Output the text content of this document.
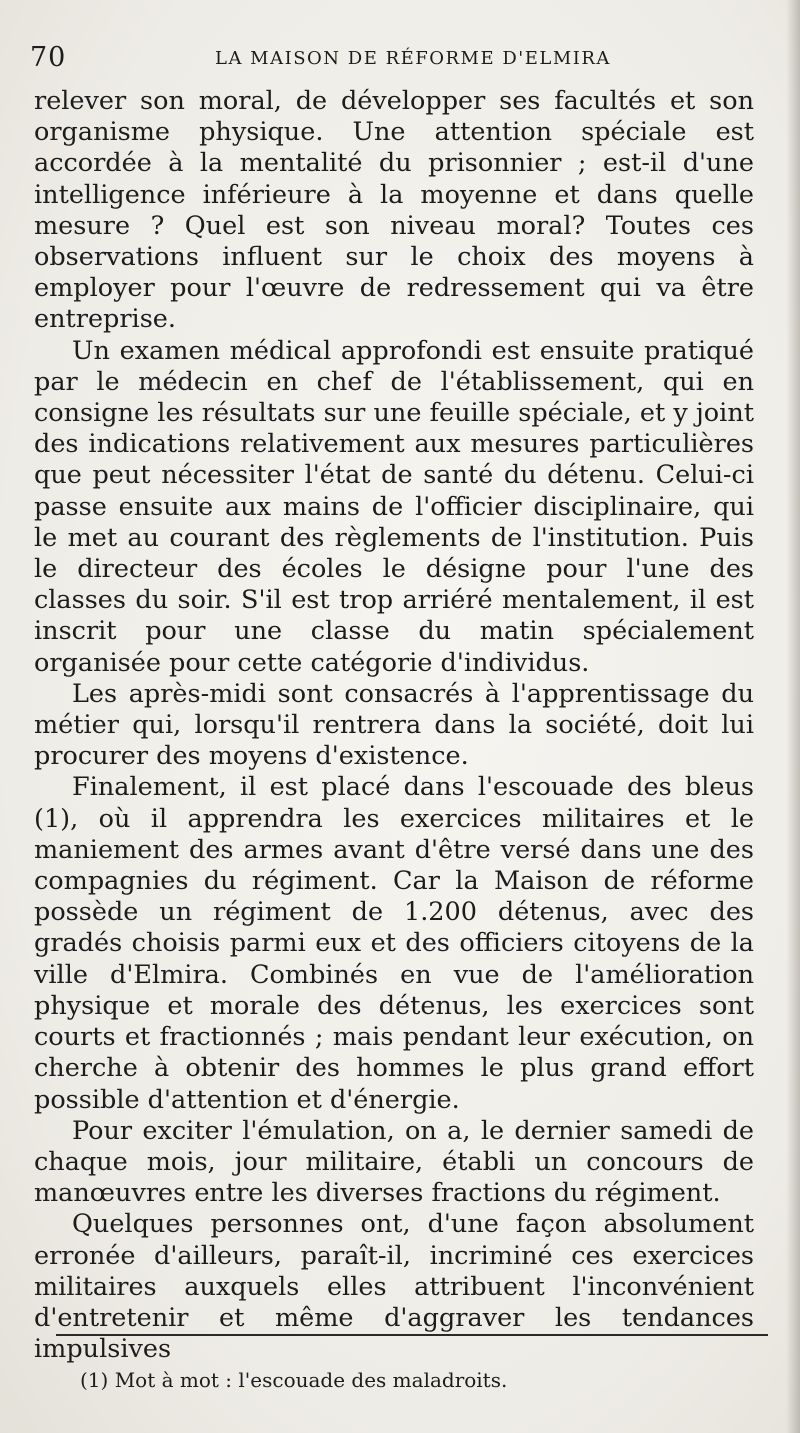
70	LA MAISON DE RÉFORME D'ELMIRA

relever son moral, de développer ses facultés et son organisme physique. Une attention spéciale est accordée à la mentalité du prisonnier ; est-il d'une intelligence inférieure à la moyenne et dans quelle mesure ? Quel est son niveau moral? Toutes ces observations influent sur le choix des moyens à employer pour l'œuvre de redressement qui va être entreprise.

Un examen médical approfondi est ensuite pratiqué par le médecin en chef de l'établissement, qui en consigne les résultats sur une feuille spéciale, et y joint des indications relativement aux mesures particulières que peut nécessiter l'état de santé du détenu. Celui-ci passe ensuite aux mains de l'officier disciplinaire, qui le met au courant des règlements de l'institution. Puis le directeur des écoles le désigne pour l'une des classes du soir. S'il est trop arriéré mentalement, il est inscrit pour une classe du matin spécialement organisée pour cette catégorie d'individus.

Les après-midi sont consacrés à l'apprentissage du métier qui, lorsqu'il rentrera dans la société, doit lui procurer des moyens d'existence.

Finalement, il est placé dans l'escouade des bleus (1), où il apprendra les exercices militaires et le maniement des armes avant d'être versé dans une des compagnies du régiment. Car la Maison de réforme possède un régiment de 1.200 détenus, avec des gradés choisis parmi eux et des officiers citoyens de la ville d'Elmira. Combinés en vue de l'amélioration physique et morale des détenus, les exercices sont courts et fractionnés ; mais pendant leur exécution, on cherche à obtenir des hommes le plus grand effort possible d'attention et d'énergie.

Pour exciter l'émulation, on a, le dernier samedi de chaque mois, jour militaire, établi un concours de manœuvres entre les diverses fractions du régiment.

Quelques personnes ont, d'une façon absolument erronée d'ailleurs, paraît-il, incriminé ces exercices militaires auxquels elles attribuent l'inconvénient d'entretenir et même d'aggraver les tendances impulsives

(1) Mot à mot : l'escouade des maladroits.
